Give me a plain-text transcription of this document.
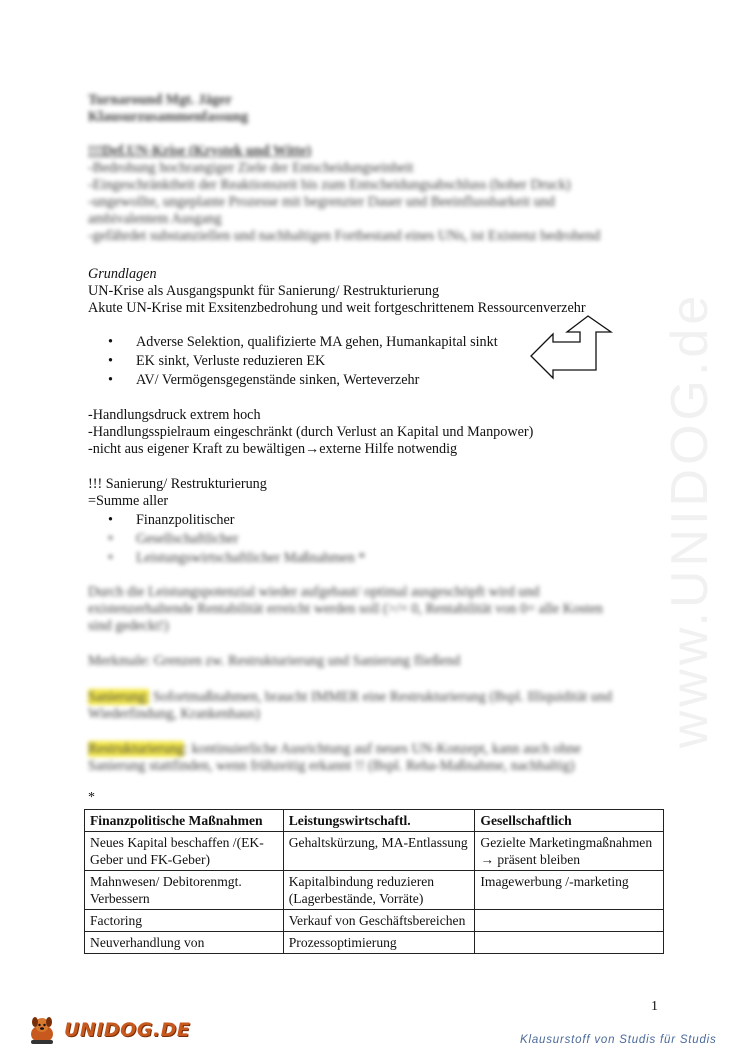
www.UNIDOG.de
Turnaround Mgt. Jäger
Klausurzusammenfassung
!!!Def.UN-Krise (Krystek und Witte)
-Bedrohung hochrangiger Ziele der Entscheidungseinheit
-Eingeschränktheit der Reaktionszeit bis zum Entscheidungsabschluss (hoher Druck)
-ungewollte, ungeplante Prozesse mit begrenzter Dauer und Beeinflussbarkeit und
ambivalentem Ausgang
-gefährdet substanziellen und nachhaltigen Fortbestand eines UNs, ist Existenz bedrohend
Grundlagen
UN-Krise als Ausgangspunkt für Sanierung/ Restrukturierung
Akute UN-Krise mit Exsitenzbedrohung und weit fortgeschrittenem Ressourcenverzehr
• Adverse Selektion, qualifizierte MA gehen, Humankapital sinkt
• EK sinkt, Verluste reduzieren EK
• AV/ Vermögensgegenstände sinken, Werteverzehr
-Handlungsdruck extrem hoch
-Handlungsspielraum eingeschränkt (durch Verlust an Kapital und Manpower)
-nicht aus eigener Kraft zu bewältigen→externe Hilfe notwendig
!!! Sanierung/ Restrukturierung
=Summe aller
• Finanzpolitischer
• Gesellschaftlicher
• Leistungswirtschaftlicher Maßnahmen *
Durch die Leistungspotenzial wieder aufgebaut/ optimal ausgeschöpft wird und
existenzerhaltende Rentabilität erreicht werden soll (>/= 0, Rentabilität von 0= alle Kosten
sind gedeckt!)
Merkmale: Grenzen zw. Restrukturierung und Sanierung fließend
Sanierung: Sofortmaßnahmen, braucht IMMER eine Restrukturierung (Bspl. Illiquidität und
Wiederfindung, Krankenhaus)
Restrukturierung: kontinuierliche Ausrichtung auf neues UN-Konzept, kann auch ohne
Sanierung stattfinden, wenn frühzeitig erkannt !! (Bspl. Reha-Maßnahme, nachhaltig)
*
Finanzpolitische Maßnahmen	Leistungswirtschaftl.	Gesellschaftlich
Neues Kapital beschaffen /(EK-Geber und FK-Geber)	Gehaltskürzung, MA-Entlassung	Gezielte Marketingmaßnahmen → präsent bleiben
Mahnwesen/ Debitorenmgt. Verbessern	Kapitalbindung reduzieren (Lagerbestände, Vorräte)	Imagewerbung /-marketing
Factoring	Verkauf von Geschäftsbereichen	
Neuverhandlung von	Prozessoptimierung	
1
UNIDOG.DE	Klausurstoff von Studis für Studis
